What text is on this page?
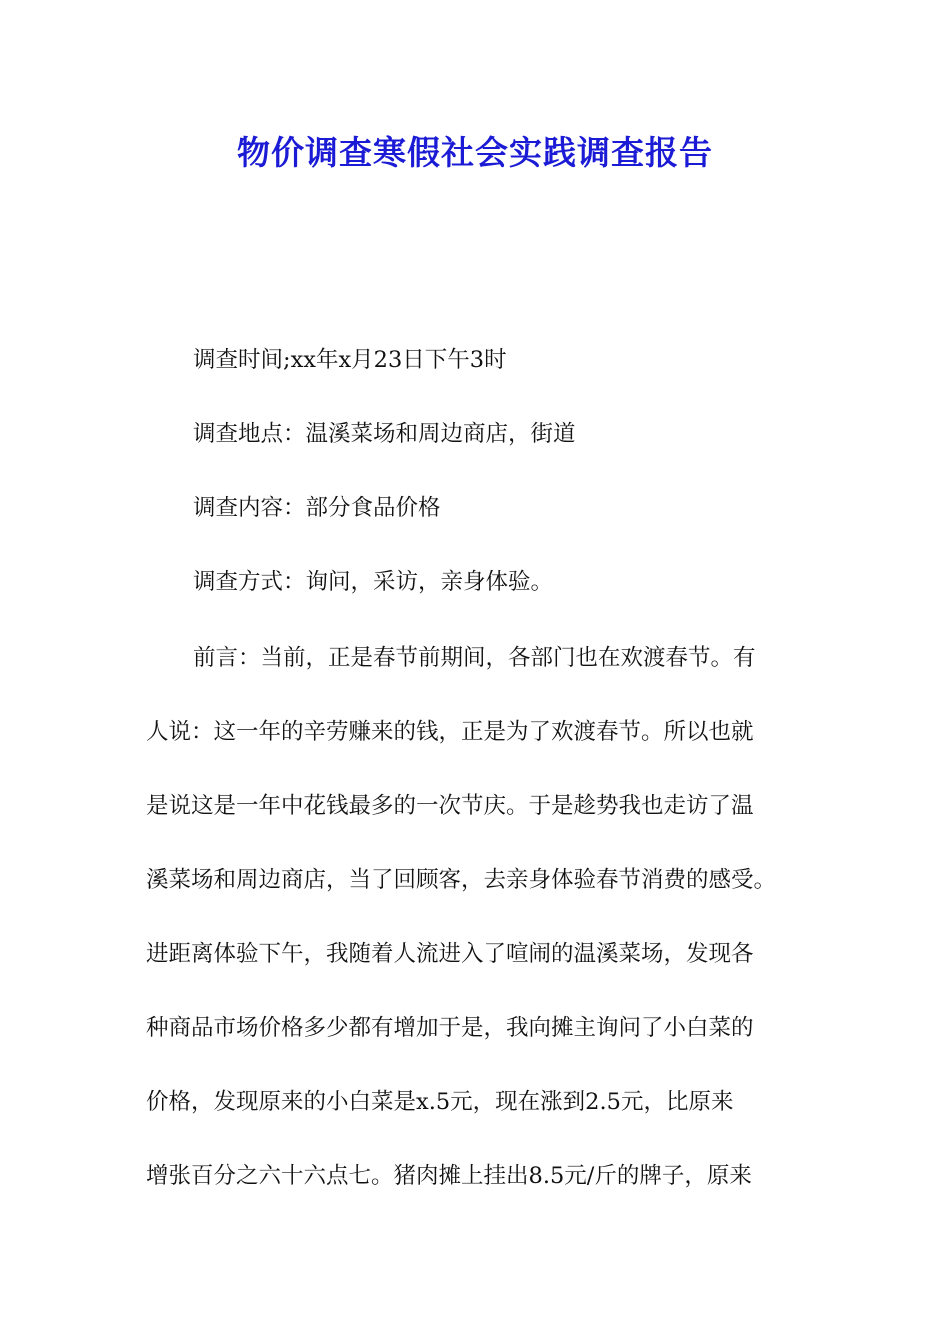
物价调查寒假社会实践调查报告
调查时间;xx年x月23日下午3时
调查地点：温溪菜场和周边商店，街道
调查内容：部分食品价格
调查方式：询问，采访，亲身体验。
前言：当前，正是春节前期间，各部门也在欢渡春节。有
人说：这一年的辛劳赚来的钱，正是为了欢渡春节。所以也就
是说这是一年中花钱最多的一次节庆。于是趁势我也走访了温
溪菜场和周边商店，当了回顾客，去亲身体验春节消费的感受。
进距离体验下午，我随着人流进入了喧闹的温溪菜场，发现各
种商品市场价格多少都有增加于是，我向摊主询问了小白菜的
价格，发现原来的小白菜是x.5元，现在涨到2.5元，比原来
增张百分之六十六点七。猪肉摊上挂出8.5元/斤的牌子，原来
